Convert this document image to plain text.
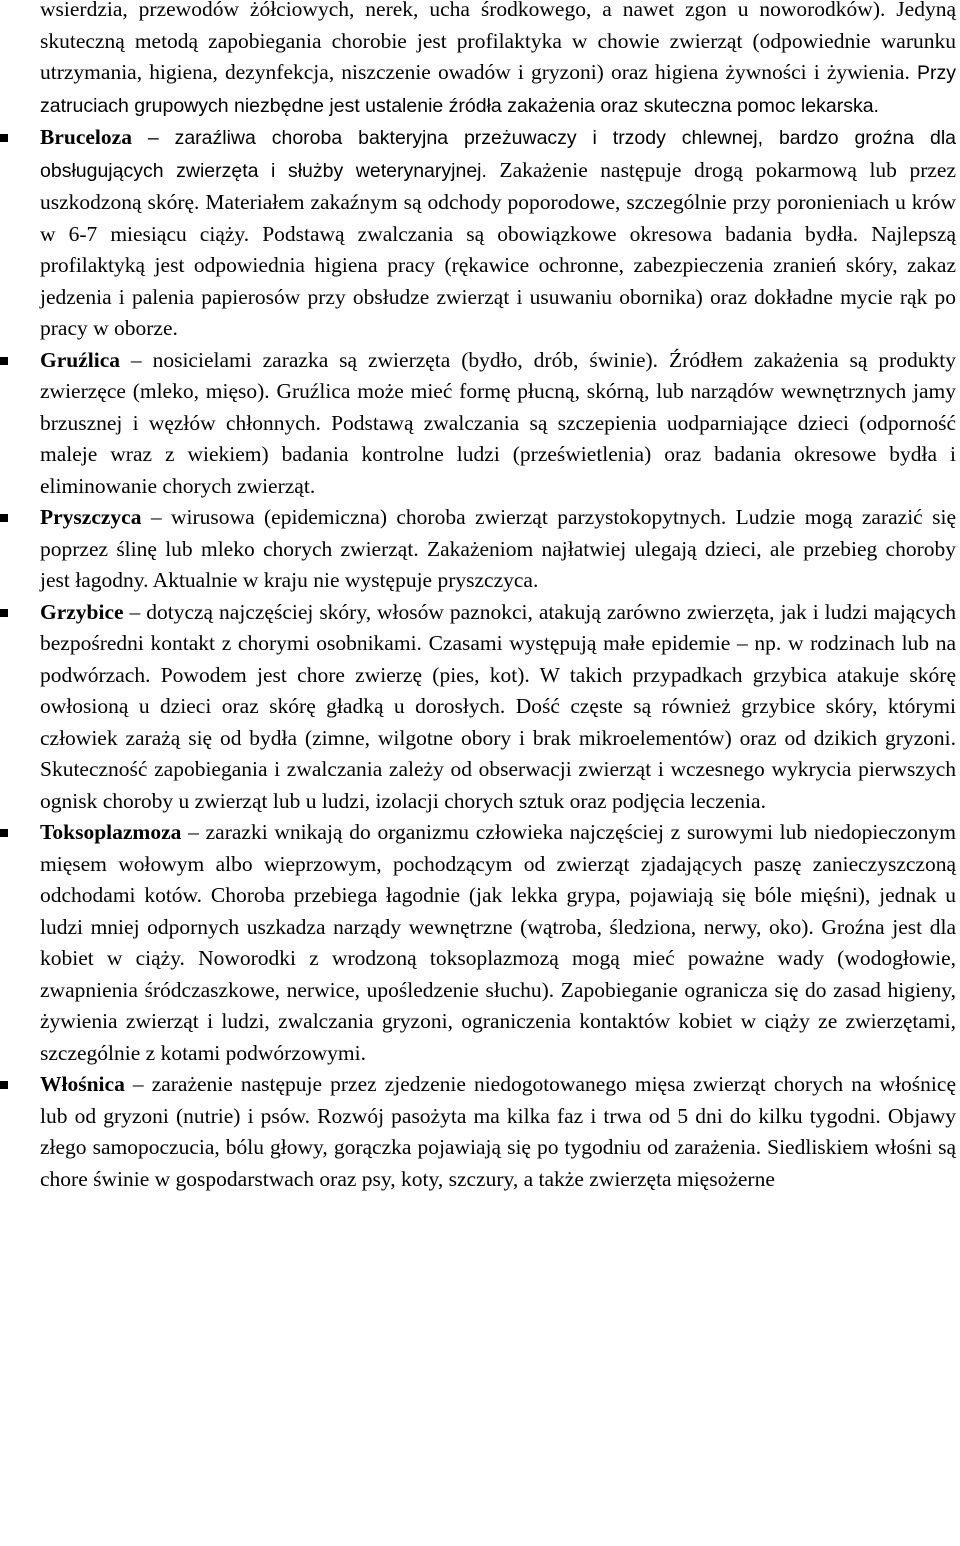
wsierdzia, przewodów żółciowych, nerek, ucha środkowego, a nawet zgon u noworodków). Jedyną skuteczną metodą zapobiegania chorobie jest profilaktyka w chowie zwierząt (odpowiednie warunku utrzymania, higiena, dezynfekcja, niszczenie owadów i gryzoni) oraz higiena żywności i żywienia. Przy zatruciach grupowych niezbędne jest ustalenie źródła zakażenia oraz skuteczna pomoc lekarska.

Bruceloza – zaraźliwa choroba bakteryjna przeżuwaczy i trzody chlewnej, bardzo groźna dla obsługujących zwierzęta i służby weterynaryjnej. Zakażenie następuje drogą pokarmową lub przez uszkodzoną skórę. Materiałem zakaźnym są odchody poporodowe, szczególnie przy poronieniach u krów w 6-7 miesiącu ciąży. Podstawą zwalczania są obowiązkowe okresowa badania bydła. Najlepszą profilaktyką jest odpowiednia higiena pracy (rękawice ochronne, zabezpieczenia zranień skóry, zakaz jedzenia i palenia papierosów przy obsłudze zwierząt i usuwaniu obornika) oraz dokładne mycie rąk po pracy w oborze.

Gruźlica – nosicielami zarazka są zwierzęta (bydło, drób, świnie). Źródłem zakażenia są produkty zwierzęce (mleko, mięso). Gruźlica może mieć formę płucną, skórną, lub narządów wewnętrznych jamy brzusznej i węzłów chłonnych. Podstawą zwalczania są szczepienia uodparniające dzieci (odporność maleje wraz z wiekiem) badania kontrolne ludzi (prześwietlenia) oraz badania okresowe bydła i eliminowanie chorych zwierząt.

Pryszczyca – wirusowa (epidemiczna) choroba zwierząt parzystokopytnych. Ludzie mogą zarazić się poprzez ślinę lub mleko chorych zwierząt. Zakażeniom najłatwiej ulegają dzieci, ale przebieg choroby jest łagodny. Aktualnie w kraju nie występuje pryszczyca.

Grzybice – dotyczą najczęściej skóry, włosów paznokci, atakują zarówno zwierzęta, jak i ludzi mających bezpośredni kontakt z chorymi osobnikami. Czasami występują małe epidemie – np. w rodzinach lub na podwórzach. Powodem jest chore zwierzę (pies, kot). W takich przypadkach grzybica atakuje skórę owłosioną u dzieci oraz skórę gładką u dorosłych. Dość częste są również grzybice skóry, którymi człowiek zarażą się od bydła (zimne, wilgotne obory i brak mikroelementów) oraz od dzikich gryzoni. Skuteczność zapobiegania i zwalczania zależy od obserwacji zwierząt i wczesnego wykrycia pierwszych ognisk choroby u zwierząt lub u ludzi, izolacji chorych sztuk oraz podjęcia leczenia.

Toksoplazmoza – zarazki wnikają do organizmu człowieka najczęściej z surowymi lub niedopieczonym mięsem wołowym albo wieprzowym, pochodzącym od zwierząt zjadających paszę zanieczyszczoną odchodami kotów. Choroba przebiega łagodnie (jak lekka grypa, pojawiają się bóle mięśni), jednak u ludzi mniej odpornych uszkadza narządy wewnętrzne (wątroba, śledziona, nerwy, oko). Groźna jest dla kobiet w ciąży. Noworodki z wrodzoną toksoplazmozą mogą mieć poważne wady (wodogłowie, zwapnienia śródczaszkowe, nerwice, upośledzenie słuchu). Zapobieganie ogranicza się do zasad higieny, żywienia zwierząt i ludzi, zwalczania gryzoni, ograniczenia kontaktów kobiet w ciąży ze zwierzętami, szczególnie z kotami podwórzowymi.

Włośnica – zarażenie następuje przez zjedzenie niedogotowanego mięsa zwierząt chorych na włośnicę lub od gryzoni (nutrie) i psów. Rozwój pasożyta ma kilka faz i trwa od 5 dni do kilku tygodni. Objawy złego samopoczucia, bólu głowy, gorączka pojawiają się po tygodniu od zarażenia. Siedliskiem włośni są chore świnie w gospodarstwach oraz psy, koty, szczury, a także zwierzęta mięsożerne
